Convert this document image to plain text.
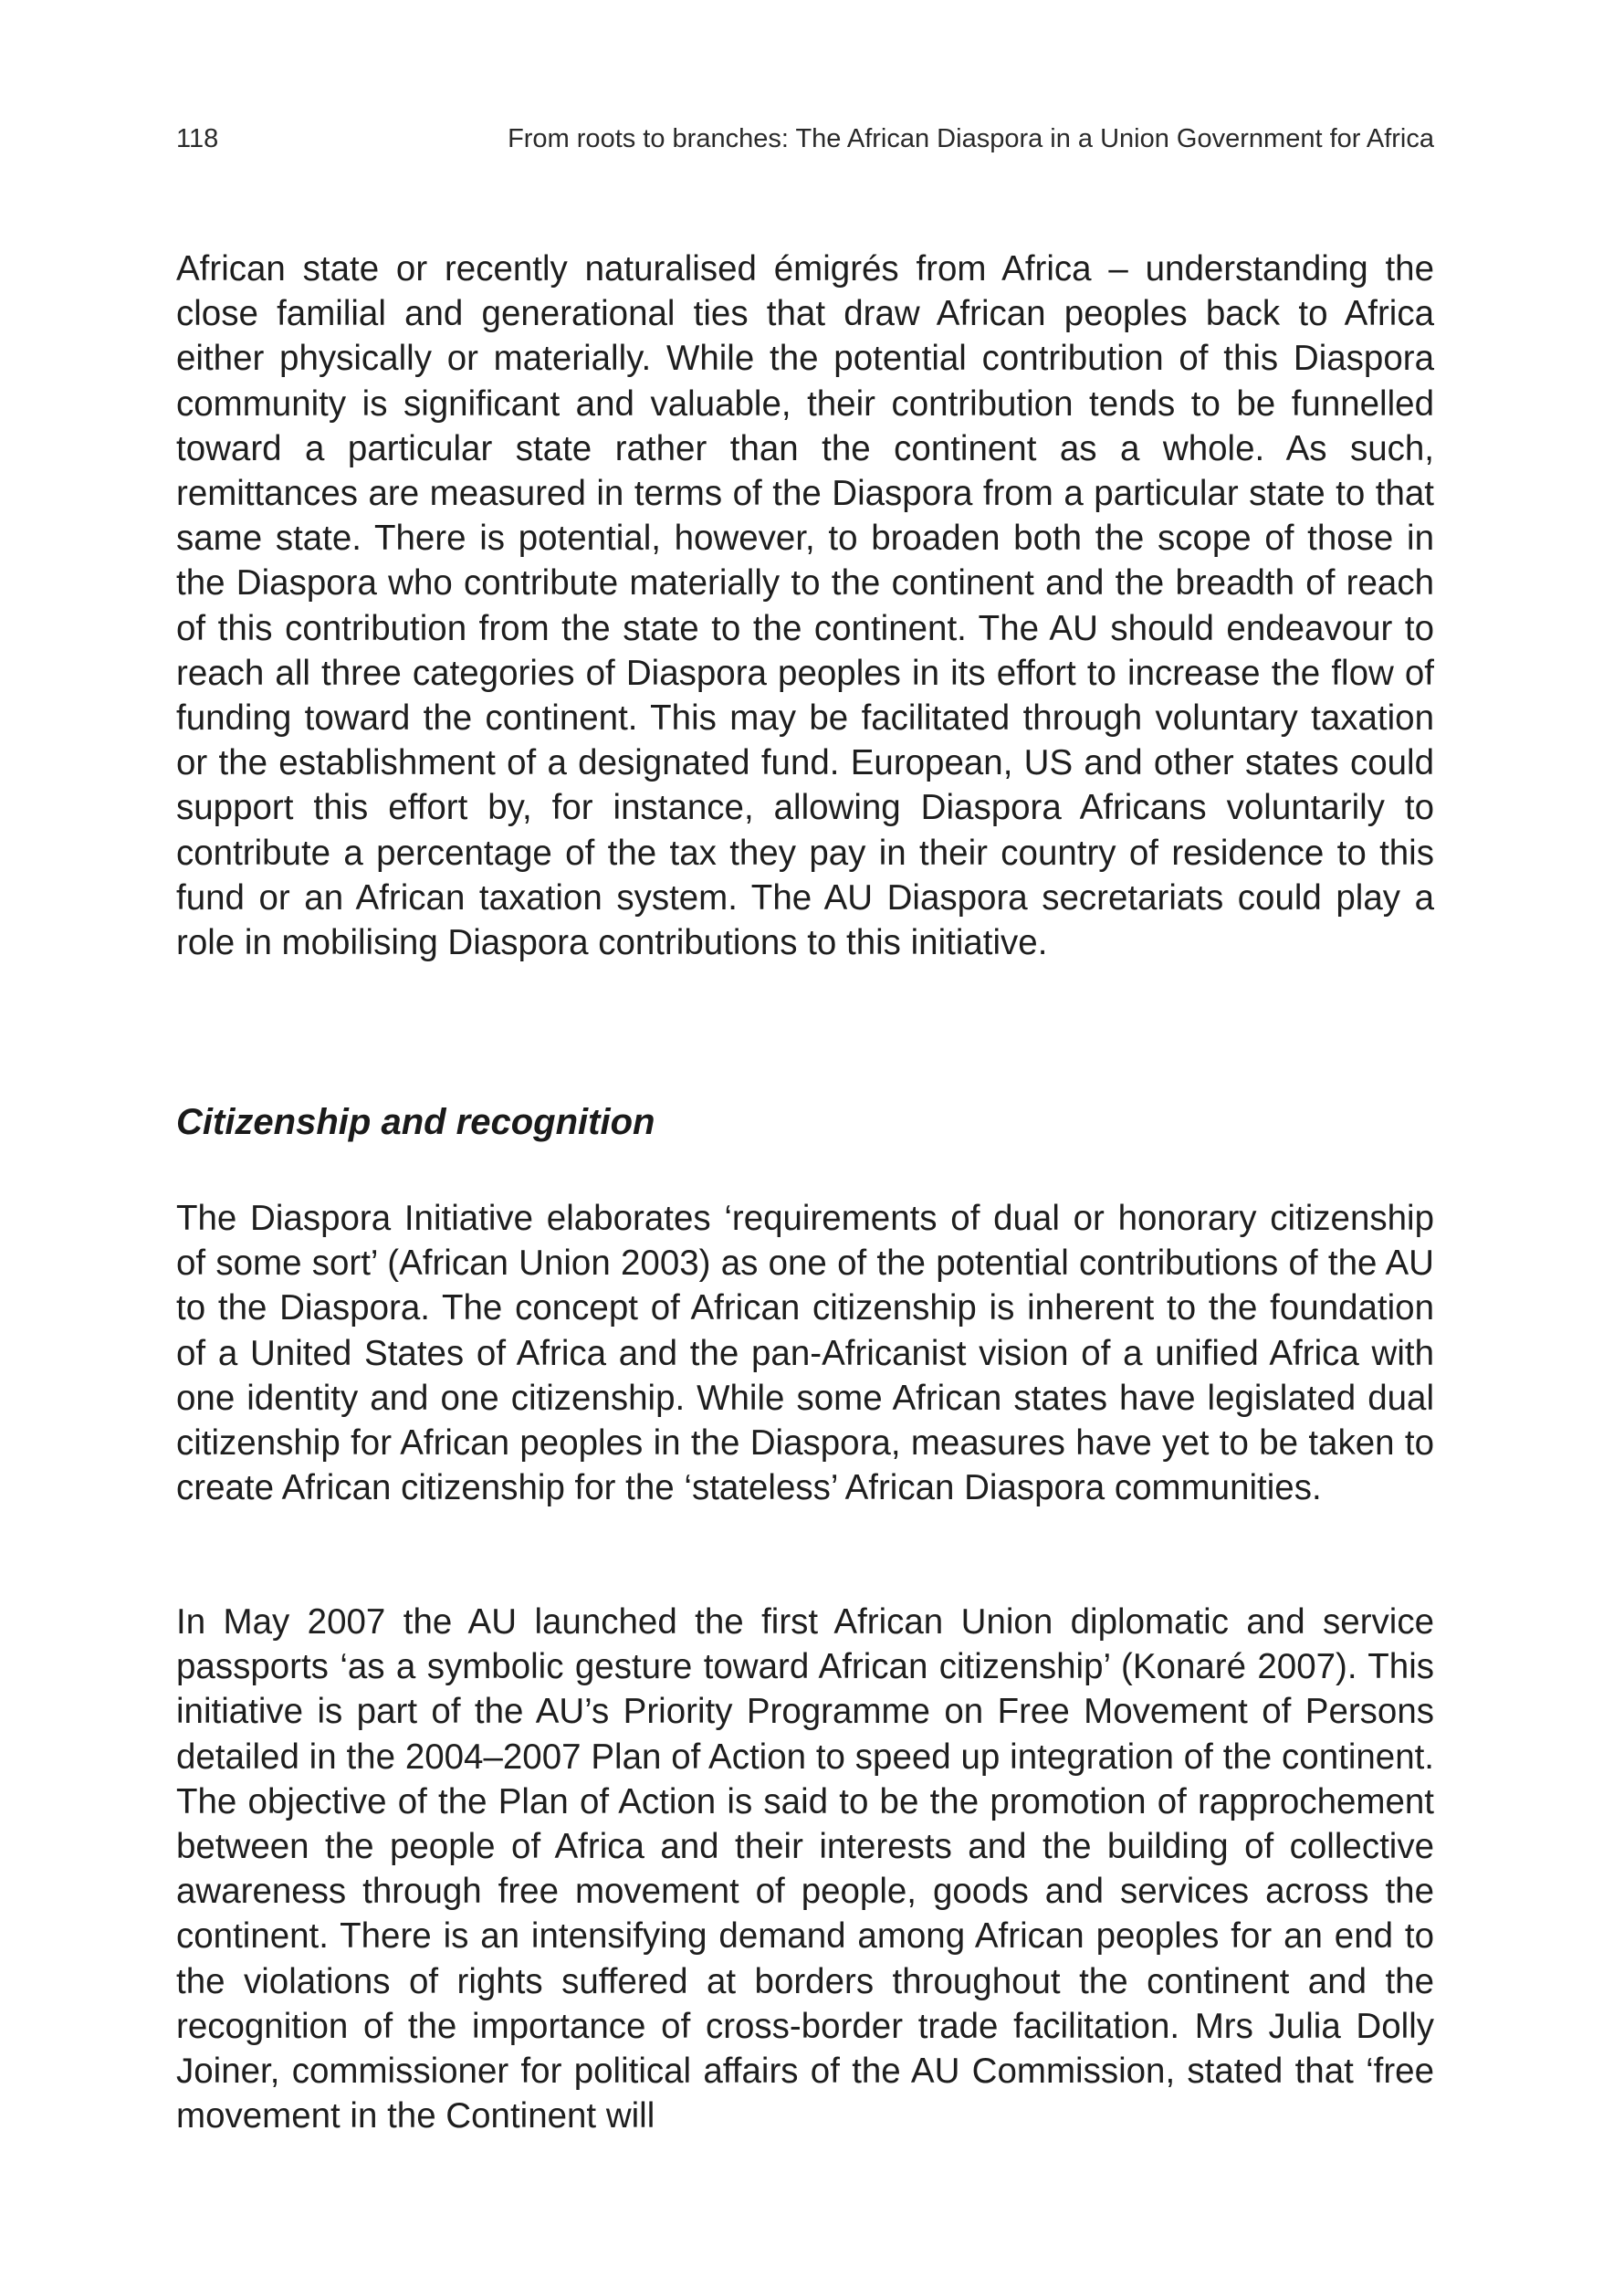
118	From roots to branches: The African Diaspora in a Union Government for Africa

African state or recently naturalised émigrés from Africa – understanding the close familial and generational ties that draw African peoples back to Africa either physically or materially. While the potential contribution of this Diaspora community is significant and valuable, their contribution tends to be funnelled toward a particular state rather than the continent as a whole. As such, remittances are measured in terms of the Diaspora from a particular state to that same state. There is potential, however, to broaden both the scope of those in the Diaspora who contribute materially to the continent and the breadth of reach of this contribution from the state to the continent. The AU should endeavour to reach all three categories of Diaspora peoples in its effort to increase the flow of funding toward the continent. This may be facilitated through voluntary taxation or the establishment of a designated fund. European, US and other states could support this effort by, for instance, allowing Diaspora Africans voluntarily to contribute a percentage of the tax they pay in their country of residence to this fund or an African taxation system. The AU Diaspora secretariats could play a role in mobilising Diaspora contributions to this initiative.

Citizenship and recognition

The Diaspora Initiative elaborates ‘requirements of dual or honorary citizenship of some sort’ (African Union 2003) as one of the potential contributions of the AU to the Diaspora. The concept of African citizenship is inherent to the foundation of a United States of Africa and the pan-Africanist vision of a unified Africa with one identity and one citizenship. While some African states have legislated dual citizenship for African peoples in the Diaspora, measures have yet to be taken to create African citizenship for the ‘stateless’ African Diaspora communities.

In May 2007 the AU launched the first African Union diplomatic and service passports ‘as a symbolic gesture toward African citizenship’ (Konaré 2007). This initiative is part of the AU’s Priority Programme on Free Movement of Persons detailed in the 2004–2007 Plan of Action to speed up integration of the continent. The objective of the Plan of Action is said to be the promotion of rapprochement between the people of Africa and their interests and the building of collective awareness through free movement of people, goods and services across the continent. There is an intensifying demand among African peoples for an end to the violations of rights suffered at borders throughout the continent and the recognition of the importance of cross-border trade facilitation. Mrs Julia Dolly Joiner, commissioner for political affairs of the AU Commission, stated that ‘free movement in the Continent will
